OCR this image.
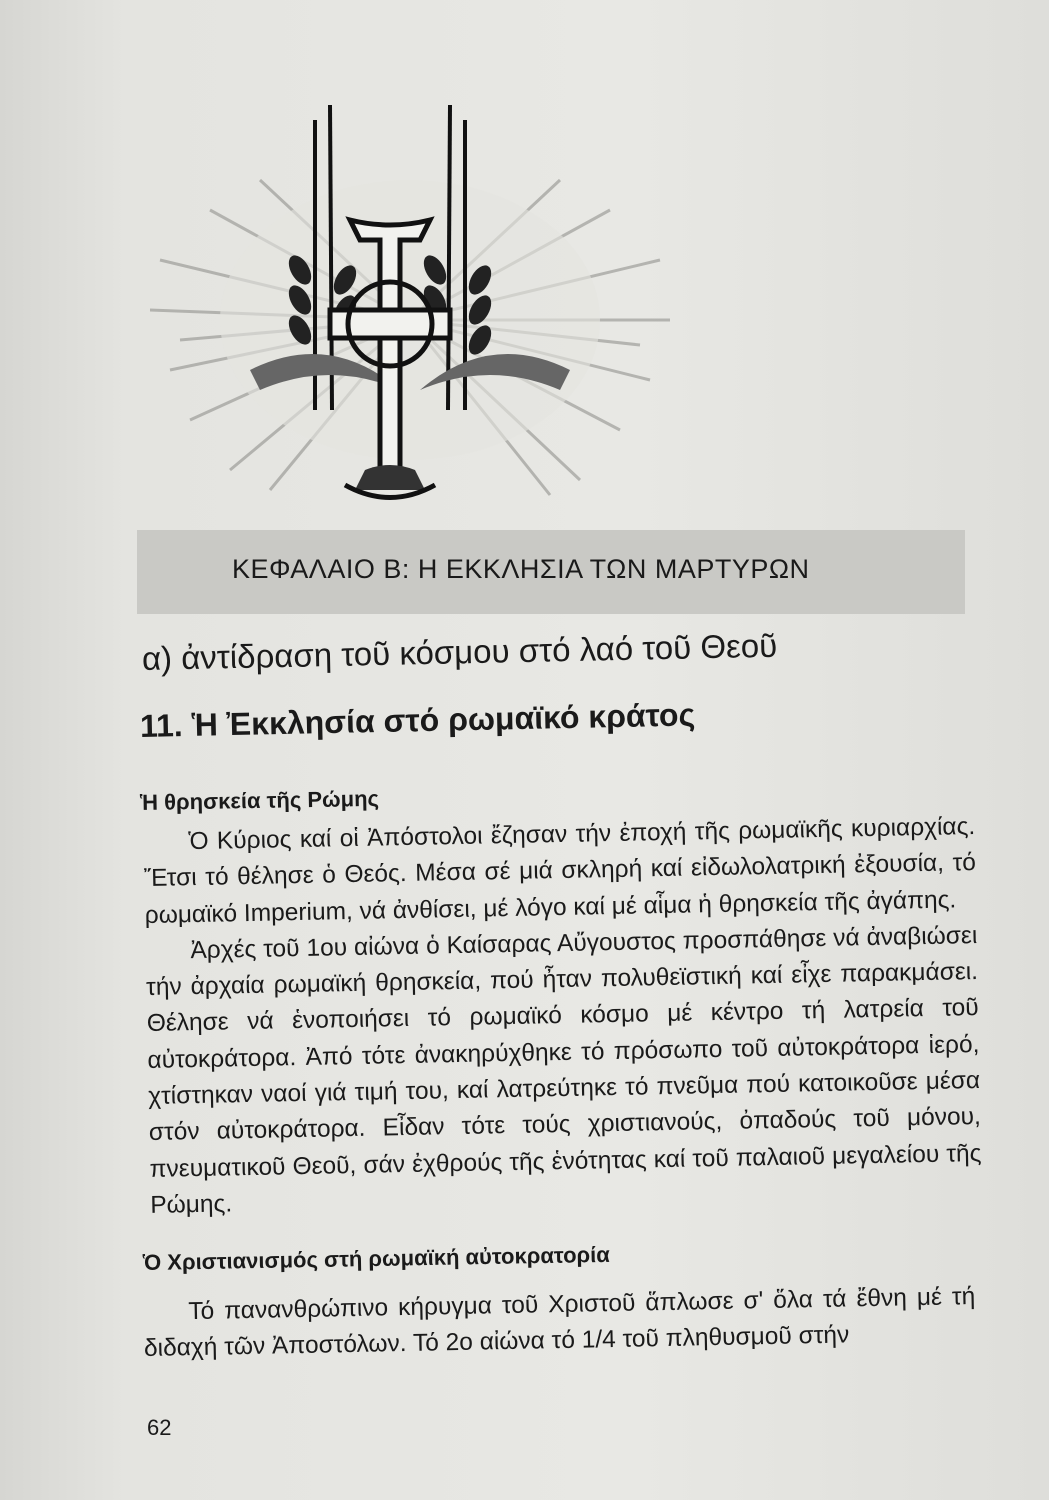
ΚΕΦΑΛΑΙΟ Β: Η ΕΚΚΛΗΣΙΑ ΤΩΝ ΜΑΡΤΥΡΩΝ
α) ἀντίδραση τοῦ κόσμου στό λαό τοῦ Θεοῦ
11. Ἡ Ἐκκλησία στό ρωμαϊκό κράτος
Ἡ θρησκεία τῆς Ρώμης

Ὁ Κύριος καί οἱ Ἀπόστολοι ἔζησαν τήν ἐποχή τῆς ρωμαϊκῆς κυριαρχίας. Ἔτσι τό θέλησε ὁ Θεός. Μέσα σέ μιά σκληρή καί εἰδωλολατρική ἐξουσία, τό ρωμαϊκό Imperium, νά ἀνθίσει, μέ λόγο καί μέ αἷμα ἡ θρησκεία τῆς ἀγάπης.

Ἀρχές τοῦ 1ου αἰώνα ὁ Καίσαρας Αὔγουστος προσπάθησε νά ἀναβιώσει τήν ἀρχαία ρωμαϊκή θρησκεία, πού ἦταν πολυθεϊστική καί εἶχε παρακμάσει. Θέλησε νά ἑνοποιήσει τό ρωμαϊκό κόσμο μέ κέντρο τή λατρεία τοῦ αὐτοκράτορα. Ἀπό τότε ἀνακηρύχθηκε τό πρόσωπο τοῦ αὐτοκράτορα ἱερό, χτίστηκαν ναοί γιά τιμή του, καί λατρεύτηκε τό πνεῦμα πού κατοικοῦσε μέσα στόν αὐτοκράτορα. Εἶδαν τότε τούς χριστιανούς, ὀπαδούς τοῦ μόνου, πνευματικοῦ Θεοῦ, σάν ἐχθρούς τῆς ἑνότητας καί τοῦ παλαιοῦ μεγαλείου τῆς Ρώμης.

Ὁ Χριστιανισμός στή ρωμαϊκή αὐτοκρατορία

Τό πανανθρώπινο κήρυγμα τοῦ Χριστοῦ ἅπλωσε σ' ὅλα τά ἔθνη μέ τή διδαχή τῶν Ἀποστόλων. Τό 2ο αἰώνα τό 1/4 τοῦ πληθυσμοῦ στήν

62
